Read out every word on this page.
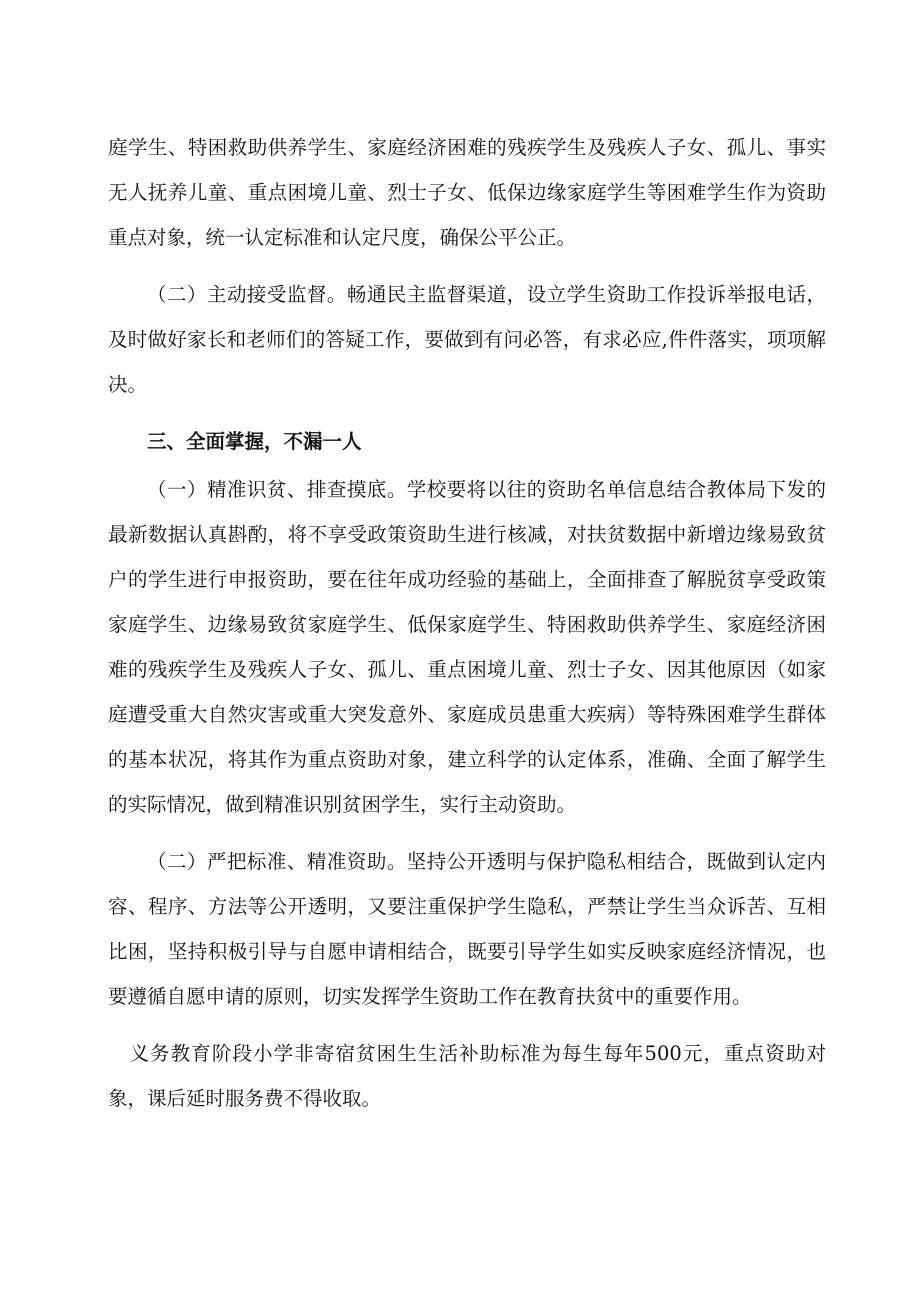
庭学生、特困救助供养学生、家庭经济困难的残疾学生及残疾人子女、孤儿、事实无人抚养儿童、重点困境儿童、烈士子女、低保边缘家庭学生等困难学生作为资助重点对象，统一认定标准和认定尺度，确保公平公正。

（二）主动接受监督。畅通民主监督渠道，设立学生资助工作投诉举报电话，及时做好家长和老师们的答疑工作，要做到有问必答，有求必应,件件落实，项项解决。

三、全面掌握，不漏一人

（一）精准识贫、排查摸底。学校要将以往的资助名单信息结合教体局下发的最新数据认真斟酌，将不享受政策资助生进行核减，对扶贫数据中新增边缘易致贫户的学生进行申报资助，要在往年成功经验的基础上，全面排查了解脱贫享受政策家庭学生、边缘易致贫家庭学生、低保家庭学生、特困救助供养学生、家庭经济困难的残疾学生及残疾人子女、孤儿、重点困境儿童、烈士子女、因其他原因（如家庭遭受重大自然灾害或重大突发意外、家庭成员患重大疾病）等特殊困难学生群体的基本状况，将其作为重点资助对象，建立科学的认定体系，准确、全面了解学生的实际情况，做到精准识别贫困学生，实行主动资助。

（二）严把标准、精准资助。坚持公开透明与保护隐私相结合，既做到认定内容、程序、方法等公开透明，又要注重保护学生隐私，严禁让学生当众诉苦、互相比困，坚持积极引导与自愿申请相结合，既要引导学生如实反映家庭经济情况，也要遵循自愿申请的原则，切实发挥学生资助工作在教育扶贫中的重要作用。

义务教育阶段小学非寄宿贫困生生活补助标准为每生每年500元，重点资助对象，课后延时服务费不得收取。
